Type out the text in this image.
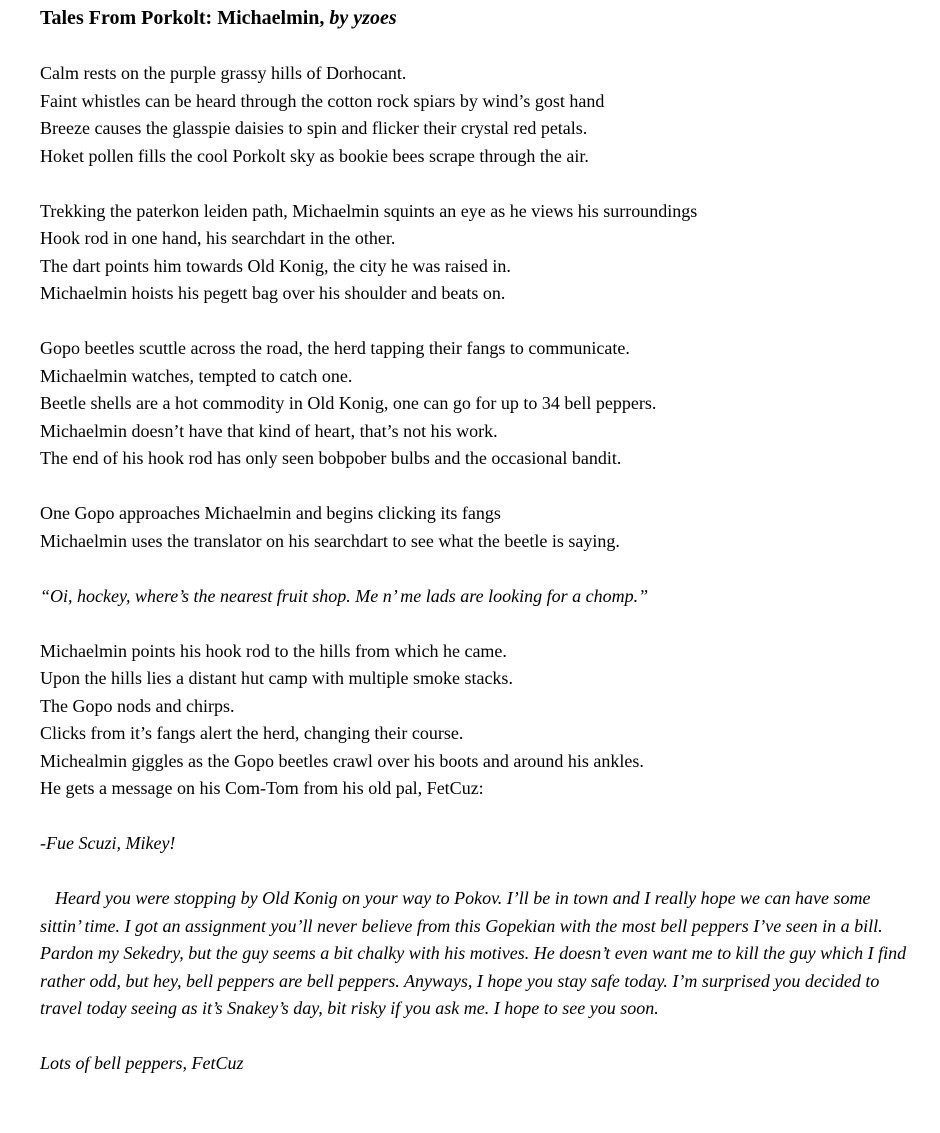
Tales From Porkolt: Michaelmin, by yzoes
Calm rests on the purple grassy hills of Dorhocant.
Faint whistles can be heard through the cotton rock spiars by wind’s gost hand
Breeze causes the glasspie daisies to spin and flicker their crystal red petals.
Hoket pollen fills the cool Porkolt sky as bookie bees scrape through the air.
Trekking the paterkon leiden path, Michaelmin squints an eye as he views his surroundings
Hook rod in one hand, his searchdart in the other.
The dart points him towards Old Konig, the city he was raised in.
Michaelmin hoists his pegett bag over his shoulder and beats on.
Gopo beetles scuttle across the road, the herd tapping their fangs to communicate.
Michaelmin watches, tempted to catch one.
Beetle shells are a hot commodity in Old Konig, one can go for up to 34 bell peppers.
Michaelmin doesn’t have that kind of heart, that’s not his work.
The end of his hook rod has only seen bobpober bulbs and the occasional bandit.
One Gopo approaches Michaelmin and begins clicking its fangs
Michaelmin uses the translator on his searchdart to see what the beetle is saying.
“Oi, hockey, where’s the nearest fruit shop. Me n’ me lads are looking for a chomp.”
Michaelmin points his hook rod to the hills from which he came.
Upon the hills lies a distant hut camp with multiple smoke stacks.
The Gopo nods and chirps.
Clicks from it’s fangs alert the herd, changing their course.
Michealmin giggles as the Gopo beetles crawl over his boots and around his ankles.
He gets a message on his Com-Tom from his old pal, FetCuz:
-Fue Scuzi, Mikey!
Heard you were stopping by Old Konig on your way to Pokov. I’ll be in town and I really hope we can have some sittin’ time. I got an assignment you’ll never believe from this Gopekian with the most bell peppers I’ve seen in a bill. Pardon my Sekedry, but the guy seems a bit chalky with his motives. He doesn’t even want me to kill the guy which I find rather odd, but hey, bell peppers are bell peppers. Anyways, I hope you stay safe today. I’m surprised you decided to travel today seeing as it’s Snakey’s day, bit risky if you ask me. I hope to see you soon.
Lots of bell peppers, FetCuz
